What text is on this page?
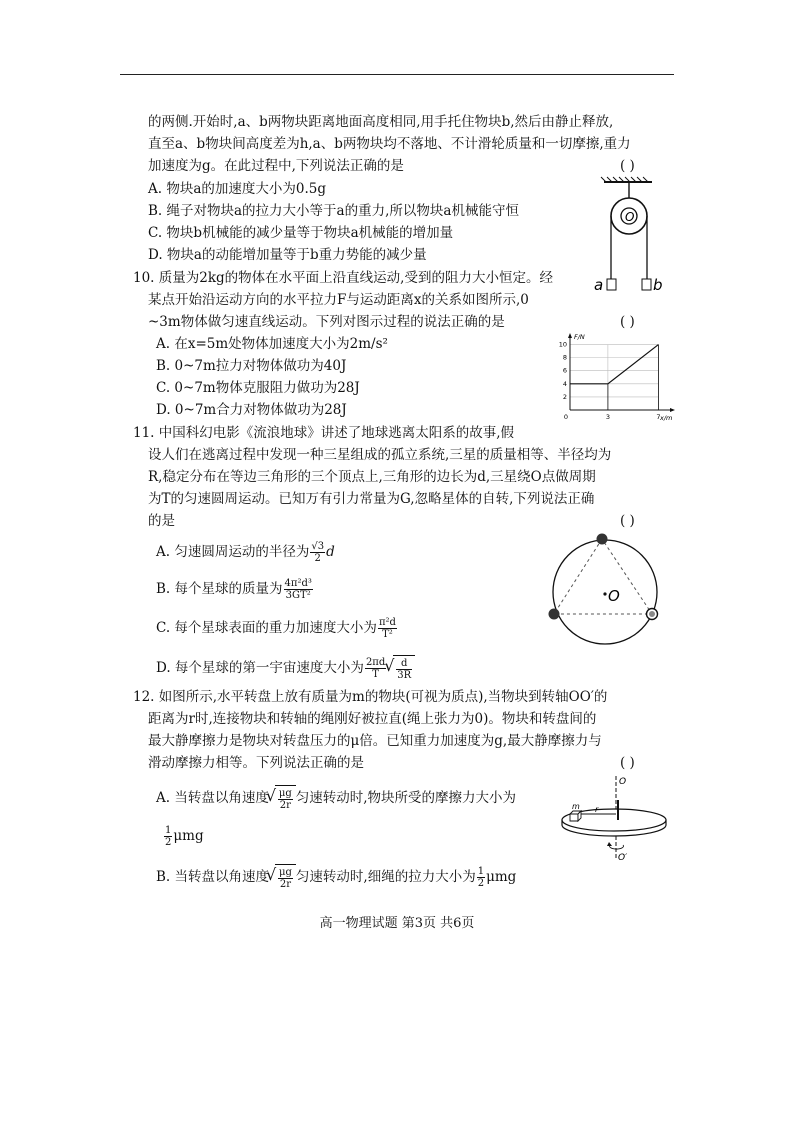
的两侧.开始时,a、b两物块距离地面高度相同,用手托住物块b,然后由静止释放,
直至a、b物块间高度差为h,a、b两物块均不落地、不计滑轮质量和一切摩擦,重力
加速度为g。在此过程中,下列说法正确的是	( )
A. 物块a的加速度大小为0.5g
B. 绳子对物块a的拉力大小等于a的重力,所以物块a机械能守恒
C. 物块b机械能的减少量等于物块a机械能的增加量
D. 物块a的动能增加量等于b重力势能的减少量
O
a	b
10. 质量为2kg的物体在水平面上沿直线运动,受到的阻力大小恒定。经
某点开始沿运动方向的水平拉力F与运动距离x的关系如图所示,0
~3m物体做匀速直线运动。下列对图示过程的说法正确的是	( )
A. 在x=5m处物体加速度大小为2m/s²
B. 0~7m拉力对物体做功为40J
C. 0~7m物体克服阻力做功为28J
D. 0~7m合力对物体做功为28J
2
4
6
8
10
0	3	7
F/N
x/m
11. 中国科幻电影《流浪地球》讲述了地球逃离太阳系的故事,假
设人们在逃离过程中发现一种三星组成的孤立系统,三星的质量相等、半径均为
R,稳定分布在等边三角形的三个顶点上,三角形的边长为d,三星绕O点做周期
为T的匀速圆周运动。已知万有引力常量为G,忽略星体的自转,下列说法正确
的是	( )
A. 匀速圆周运动的半径为 $\frac{√3}{2}$ d
B. 每个星球的质量为 $\frac{\text{4π²d³}}{\text{3GT²}}$
C. 每个星球表面的重力加速度大小为 $\frac{\text{π²d}}{\text{T²}}$
D. 每个星球的第一宇宙速度大小为 $\frac{2\pi d}{T}$ √ $\frac{d}{3R}$
O
12. 如图所示,水平转盘上放有质量为m的物块(可视为质点),当物块到转轴OO′的
距离为r时,连接物块和转轴的绳刚好被拉直(绳上张力为0)。物块和转盘间的
最大静摩擦力是物块对转盘压力的μ倍。已知重力加速度为g,最大静摩擦力与
滑动摩擦力相等。下列说法正确的是	( )
A. 当转盘以角速度 √ $\frac{\mu g}{2r}$ 匀速转动时,物块所受的摩擦力大小为
$\frac{1}{2}$ μmg
B. 当转盘以角速度 √ $\frac{\mu g}{2r}$ 匀速转动时,细绳的拉力大小为 $\frac{1}{2}$ μmg
O
m r
O′
高一物理试题 第3页 共6页
